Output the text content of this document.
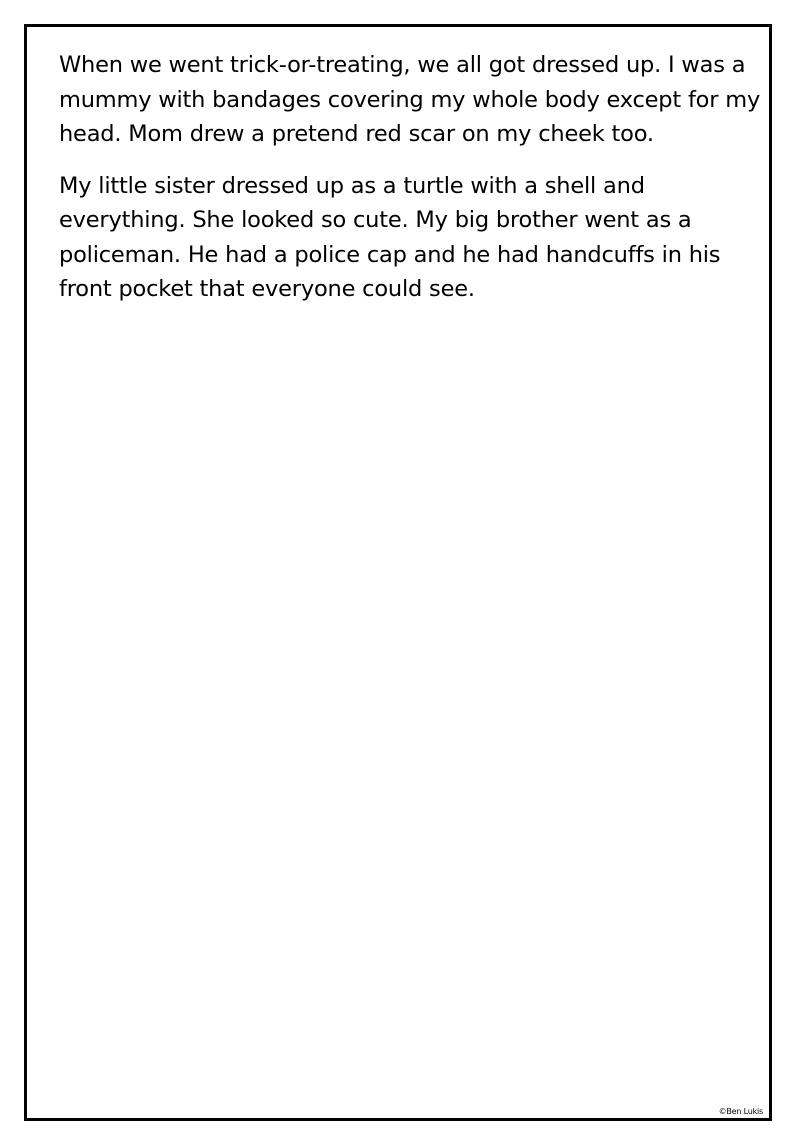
When we went trick-or-treating, we all got dressed up. I was a
mummy with bandages covering my whole body except for my
head. Mom drew a pretend red scar on my cheek too.

My little sister dressed up as a turtle with a shell and
everything. She looked so cute. My big brother went as a
policeman. He had a police cap and he had handcuffs in his
front pocket that everyone could see.

©Ben Lukis
